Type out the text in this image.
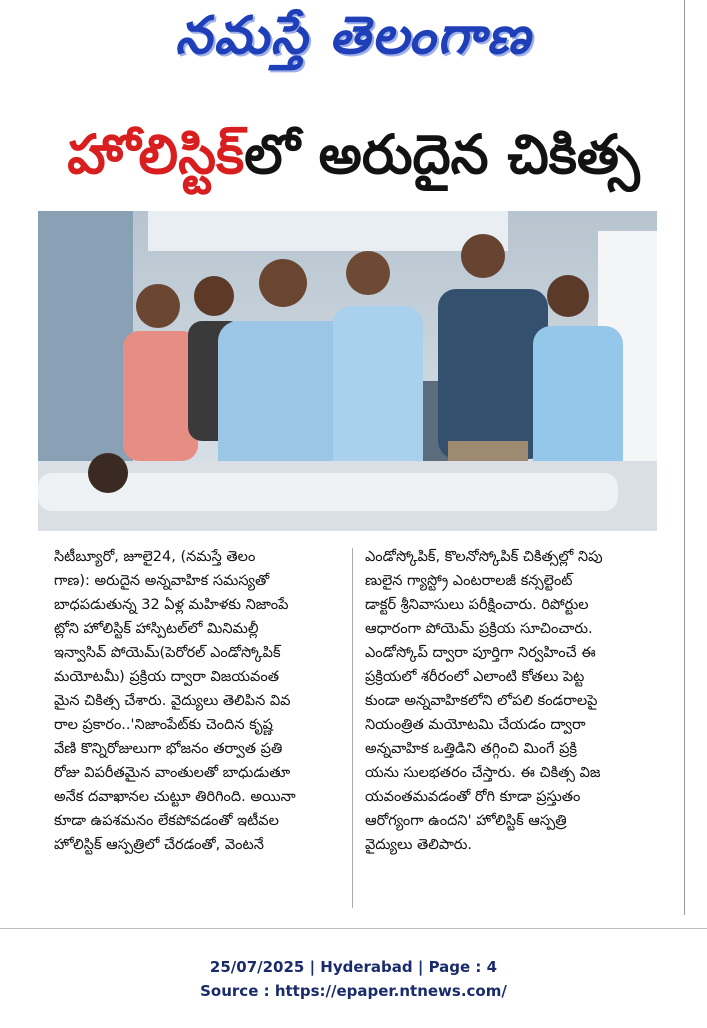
నమస్తే తెలంగాణ
హోలిస్టిక్ లో అరుదైన చికిత్స

సిటీబ్యూరో, జూలై24, (నమస్తే తెలం
గాణ): అరుదైన అన్నవాహిక సమస్యతో
బాధపడుతున్న 32 ఏళ్ల మహిళకు నిజాంపే
ట్లోని హోలిస్టిక్ హాస్పిటల్‌లో మినిమల్లీ
ఇన్వాసివ్ పోయెమ్(పెరోరల్ ఎండోస్కోపిక్
మయోటమీ) ప్రక్రియ ద్వారా విజయవంత
మైన చికిత్స చేశారు. వైద్యులు తెలిపిన వివ
రాల ప్రకారం..'నిజాంపేట్‌కు చెందిన కృష్ణ
వేణి కొన్నిరోజులుగా భోజనం తర్వాత ప్రతి
రోజు విపరీతమైన వాంతులతో బాధుడుతూ
అనేక దవాఖానల చుట్టూ తిరిగింది. అయినా
కూడా ఉపశమనం లేకపోవడంతో ఇటీవల
హోలిస్టిక్ ఆస్పత్రిలో చేరడంతో, వెంటనే

ఎండోస్కోపిక్, కొలనోస్కోపిక్ చికిత్సల్లో నిపు
ణులైన గ్యాస్ట్రో ఎంటరాలజీ కన్సల్టెంట్
డాక్టర్ శ్రీనివాసులు పరీక్షించారు. రిపోర్టుల
ఆధారంగా పోయెమ్ ప్రక్రియ సూచించారు.
ఎండోస్కోప్ ద్వారా పూర్తిగా నిర్వహించే ఈ
ప్రక్రియలో శరీరంలో ఎలాంటి కోతలు పెట్ట
కుండా అన్నవాహికలోని లోపలి కండరాలపై
నియంత్రిత మయోటమి చేయడం ద్వారా
అన్నవాహిక ఒత్తిడిని తగ్గించి మింగే ప్రక్రి
యను సులభతరం చేస్తారు. ఈ చికిత్స విజ
యవంతమవడంతో రోగి కూడా ప్రస్తుతం
ఆరోగ్యంగా ఉందని' హోలిస్టిక్ ఆస్పత్రి
వైద్యులు తెలిపారు.

25/07/2025 | Hyderabad | Page : 4
Source : https://epaper.ntnews.com/
